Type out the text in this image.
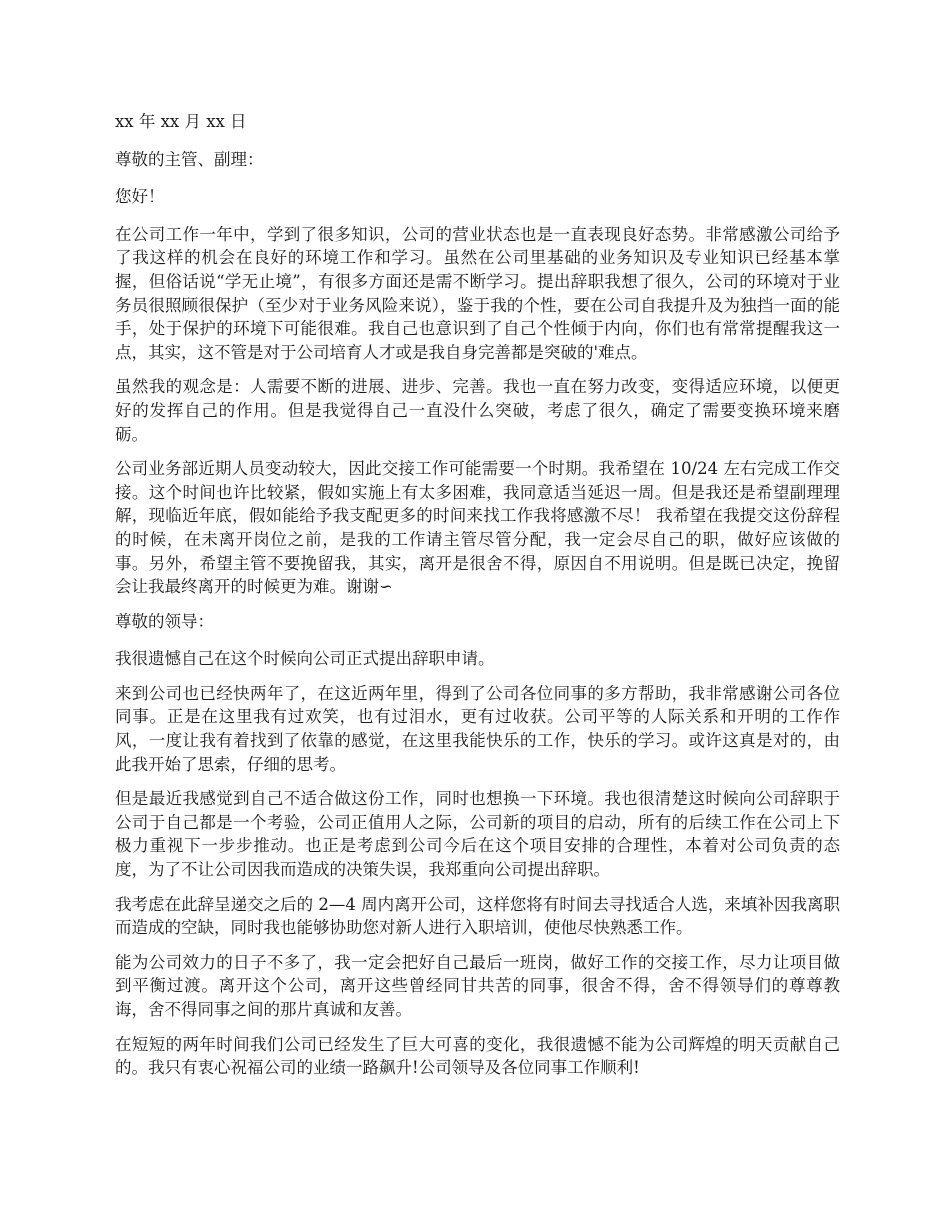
xx 年 xx 月 xx 日

尊敬的主管、副理：

您好！

在公司工作一年中，学到了很多知识，公司的营业状态也是一直表现良好态势。非常感激公司给予了我这样的机会在良好的环境工作和学习。虽然在公司里基础的业务知识及专业知识已经基本掌握，但俗话说“学无止境”，有很多方面还是需不断学习。提出辞职我想了很久，公司的环境对于业务员很照顾很保护（至少对于业务风险来说），鉴于我的个性，要在公司自我提升及为独挡一面的能手，处于保护的环境下可能很难。我自己也意识到了自己个性倾于内向，你们也有常常提醒我这一点，其实，这不管是对于公司培育人才或是我自身完善都是突破的'难点。

虽然我的观念是：人需要不断的进展、进步、完善。我也一直在努力改变，变得适应环境，以便更好的发挥自己的作用。但是我觉得自己一直没什么突破，考虑了很久，确定了需要变换环境来磨砺。

公司业务部近期人员变动较大，因此交接工作可能需要一个时期。我希望在 10/24 左右完成工作交接。这个时间也许比较紧，假如实施上有太多困难，我同意适当延迟一周。但是我还是希望副理理解，现临近年底，假如能给予我支配更多的时间来找工作我将感激不尽！ 我希望在我提交这份辞程的时候，在未离开岗位之前，是我的工作请主管尽管分配，我一定会尽自己的职，做好应该做的事。另外，希望主管不要挽留我，其实，离开是很舍不得，原因自不用说明。但是既已决定，挽留会让我最终离开的时候更为难。谢谢∽

尊敬的领导：

我很遗憾自己在这个时候向公司正式提出辞职申请。

来到公司也已经快两年了，在这近两年里，得到了公司各位同事的多方帮助，我非常感谢公司各位同事。正是在这里我有过欢笑，也有过泪水，更有过收获。公司平等的人际关系和开明的工作作风，一度让我有着找到了依靠的感觉，在这里我能快乐的工作，快乐的学习。或许这真是对的，由此我开始了思索，仔细的思考。

但是最近我感觉到自己不适合做这份工作，同时也想换一下环境。我也很清楚这时候向公司辞职于公司于自己都是一个考验，公司正值用人之际，公司新的项目的启动，所有的后续工作在公司上下极力重视下一步步推动。也正是考虑到公司今后在这个项目安排的合理性，本着对公司负责的态度，为了不让公司因我而造成的决策失误，我郑重向公司提出辞职。

我考虑在此辞呈递交之后的 2—4 周内离开公司，这样您将有时间去寻找适合人选，来填补因我离职而造成的空缺，同时我也能够协助您对新人进行入职培训，使他尽快熟悉工作。

能为公司效力的日子不多了，我一定会把好自己最后一班岗，做好工作的交接工作，尽力让项目做到平衡过渡。离开这个公司，离开这些曾经同甘共苦的同事，很舍不得，舍不得领导们的尊尊教诲，舍不得同事之间的那片真诚和友善。

在短短的两年时间我们公司已经发生了巨大可喜的变化，我很遗憾不能为公司辉煌的明天贡献自己的。我只有衷心祝福公司的业绩一路飙升!公司领导及各位同事工作顺利!
